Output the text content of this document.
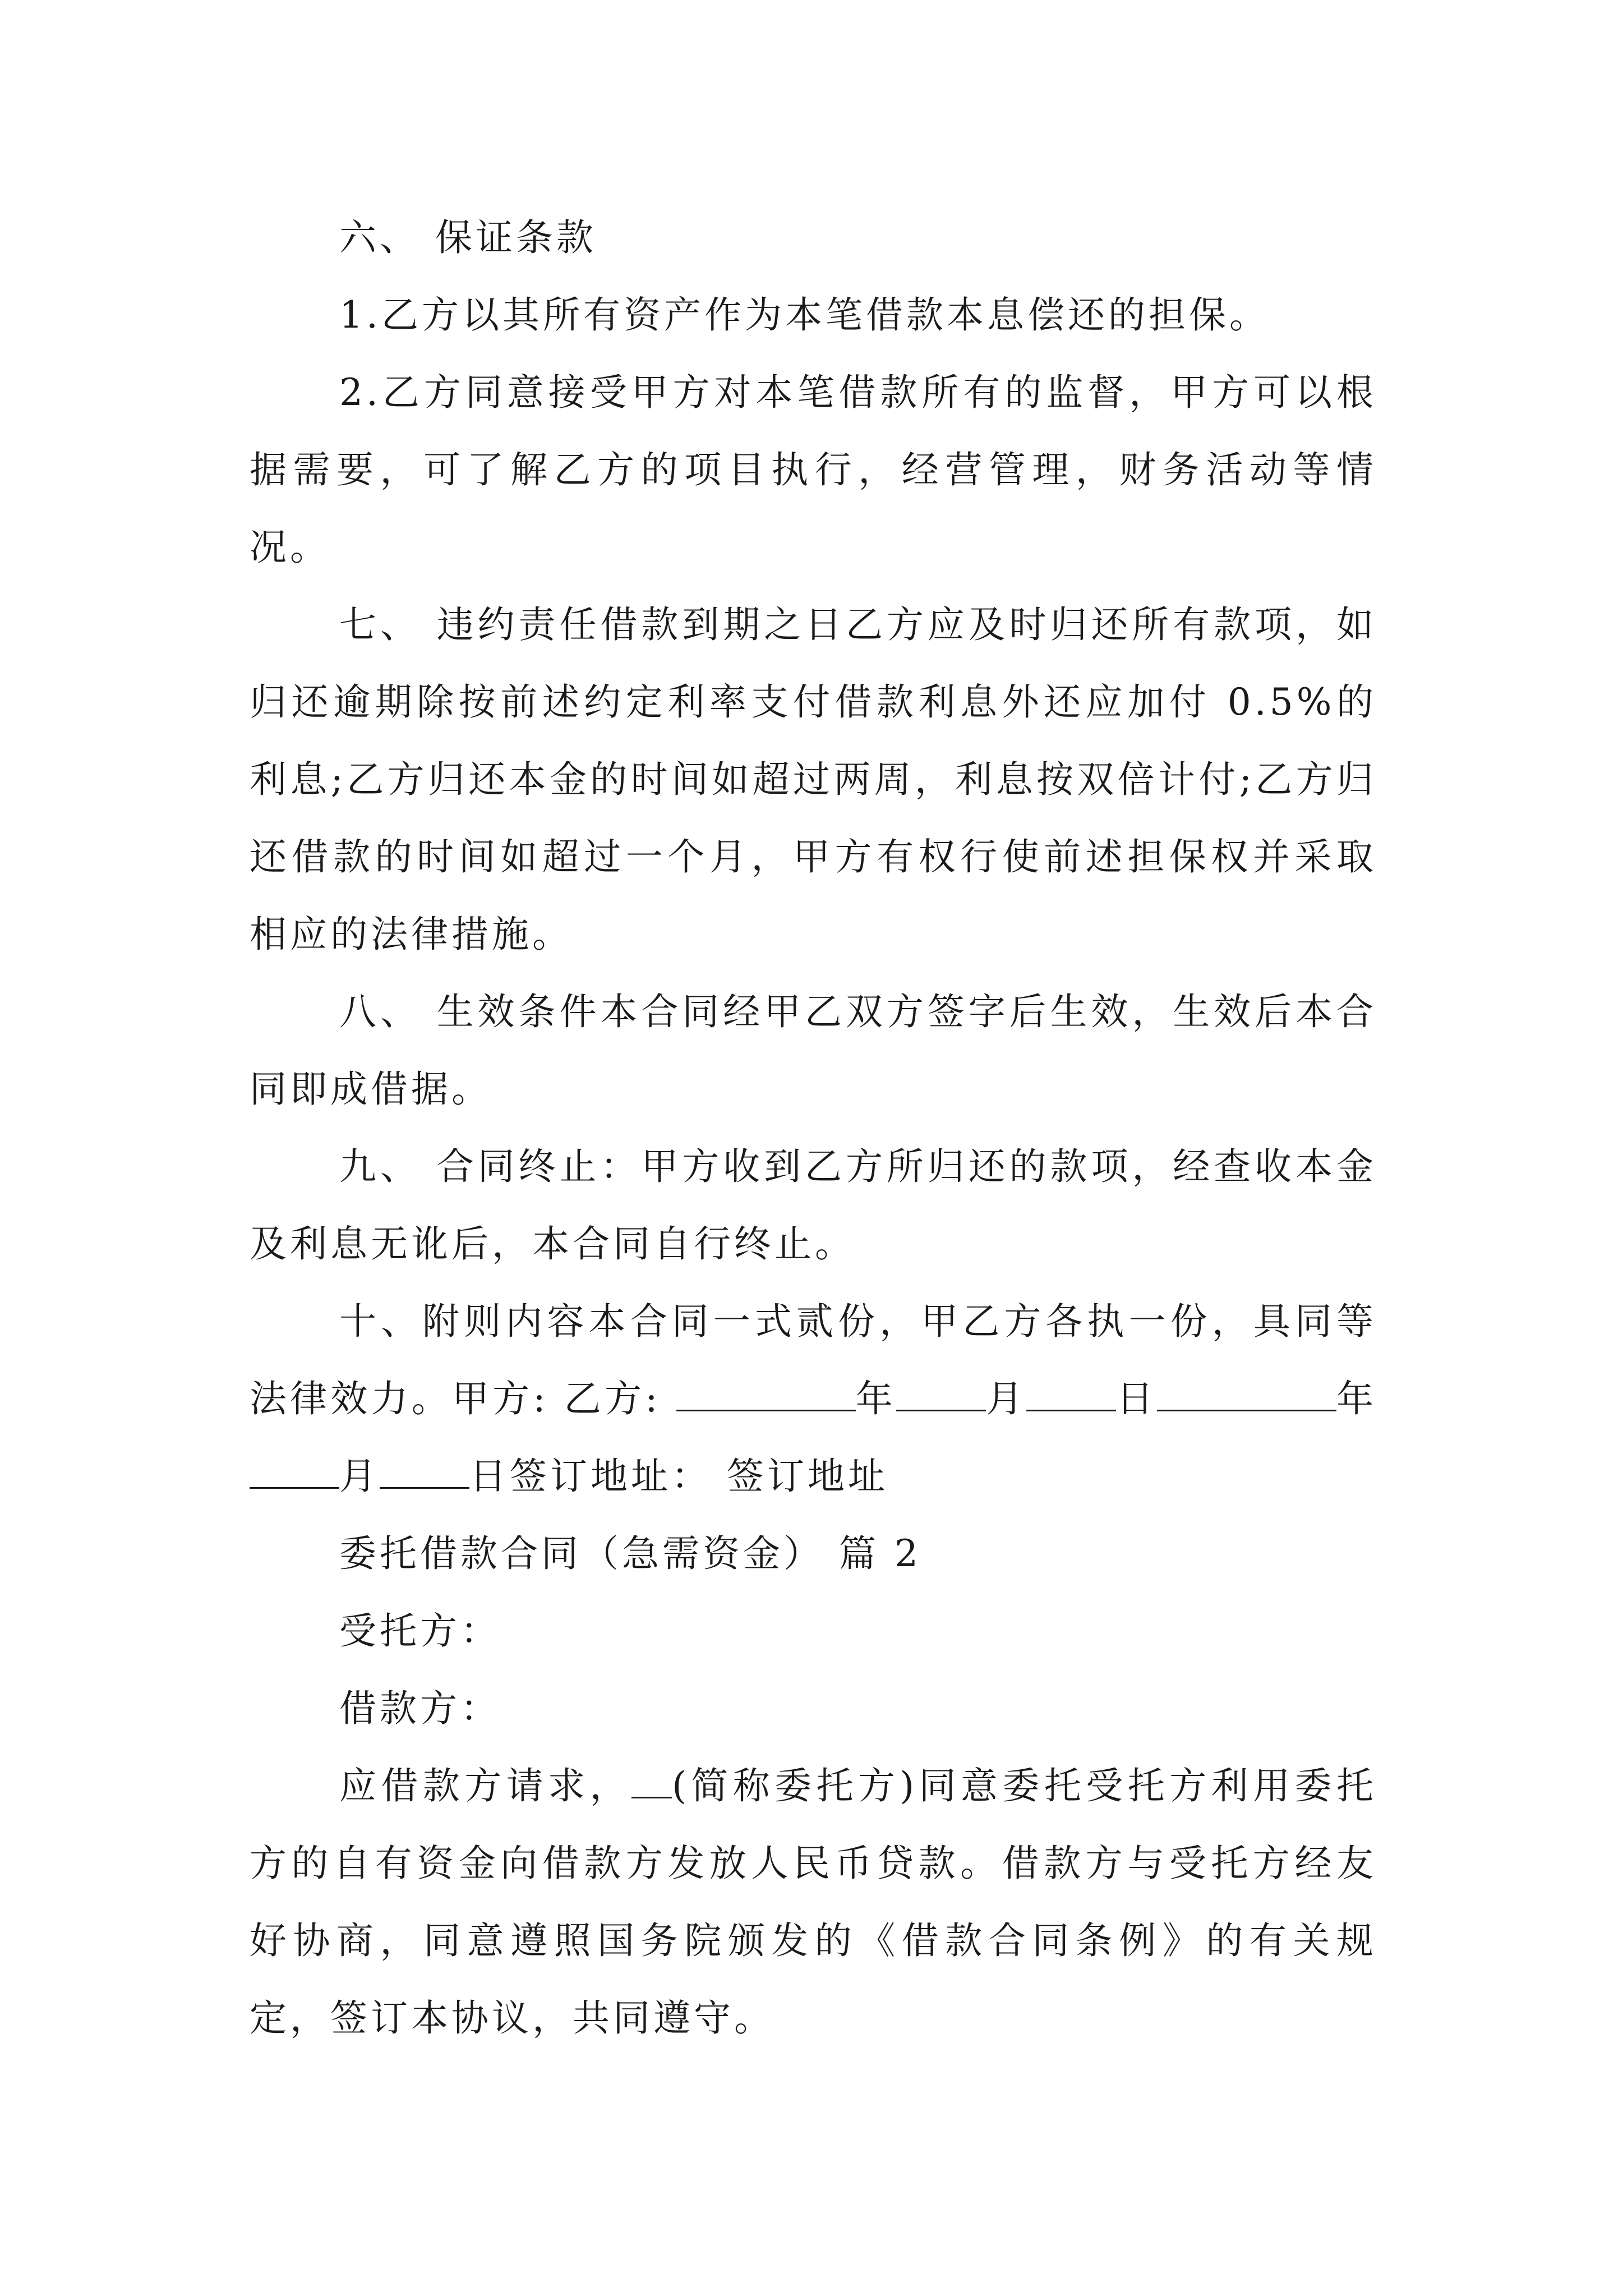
六、 保证条款

1.乙方以其所有资产作为本笔借款本息偿还的担保。

2.乙方同意接受甲方对本笔借款所有的监督，甲方可以根据需要，可了解乙方的项目执行，经营管理，财务活动等情况。

七、 违约责任借款到期之日乙方应及时归还所有款项，如归还逾期除按前述约定利率支付借款利息外还应加付 0.5%的利息;乙方归还本金的时间如超过两周，利息按双倍计付;乙方归还借款的时间如超过一个月，甲方有权行使前述担保权并采取相应的法律措施。

八、 生效条件本合同经甲乙双方签字后生效，生效后本合同即成借据。

九、 合同终止：甲方收到乙方所归还的款项，经查收本金及利息无讹后，本合同自行终止。

十、附则内容本合同一式贰份，甲乙方各执一份，具同等法律效力。甲方: 乙方:	年 月 日	年月 日签订地址： 签订地址

委托借款合同（急需资金） 篇 2

受托方：

借款方：

应借款方请求， (简称委托方)同意委托受托方利用委托方的自有资金向借款方发放人民币贷款。借款方与受托方经友好协商，同意遵照国务院颁发的《借款合同条例》的有关规定，签订本协议，共同遵守。
